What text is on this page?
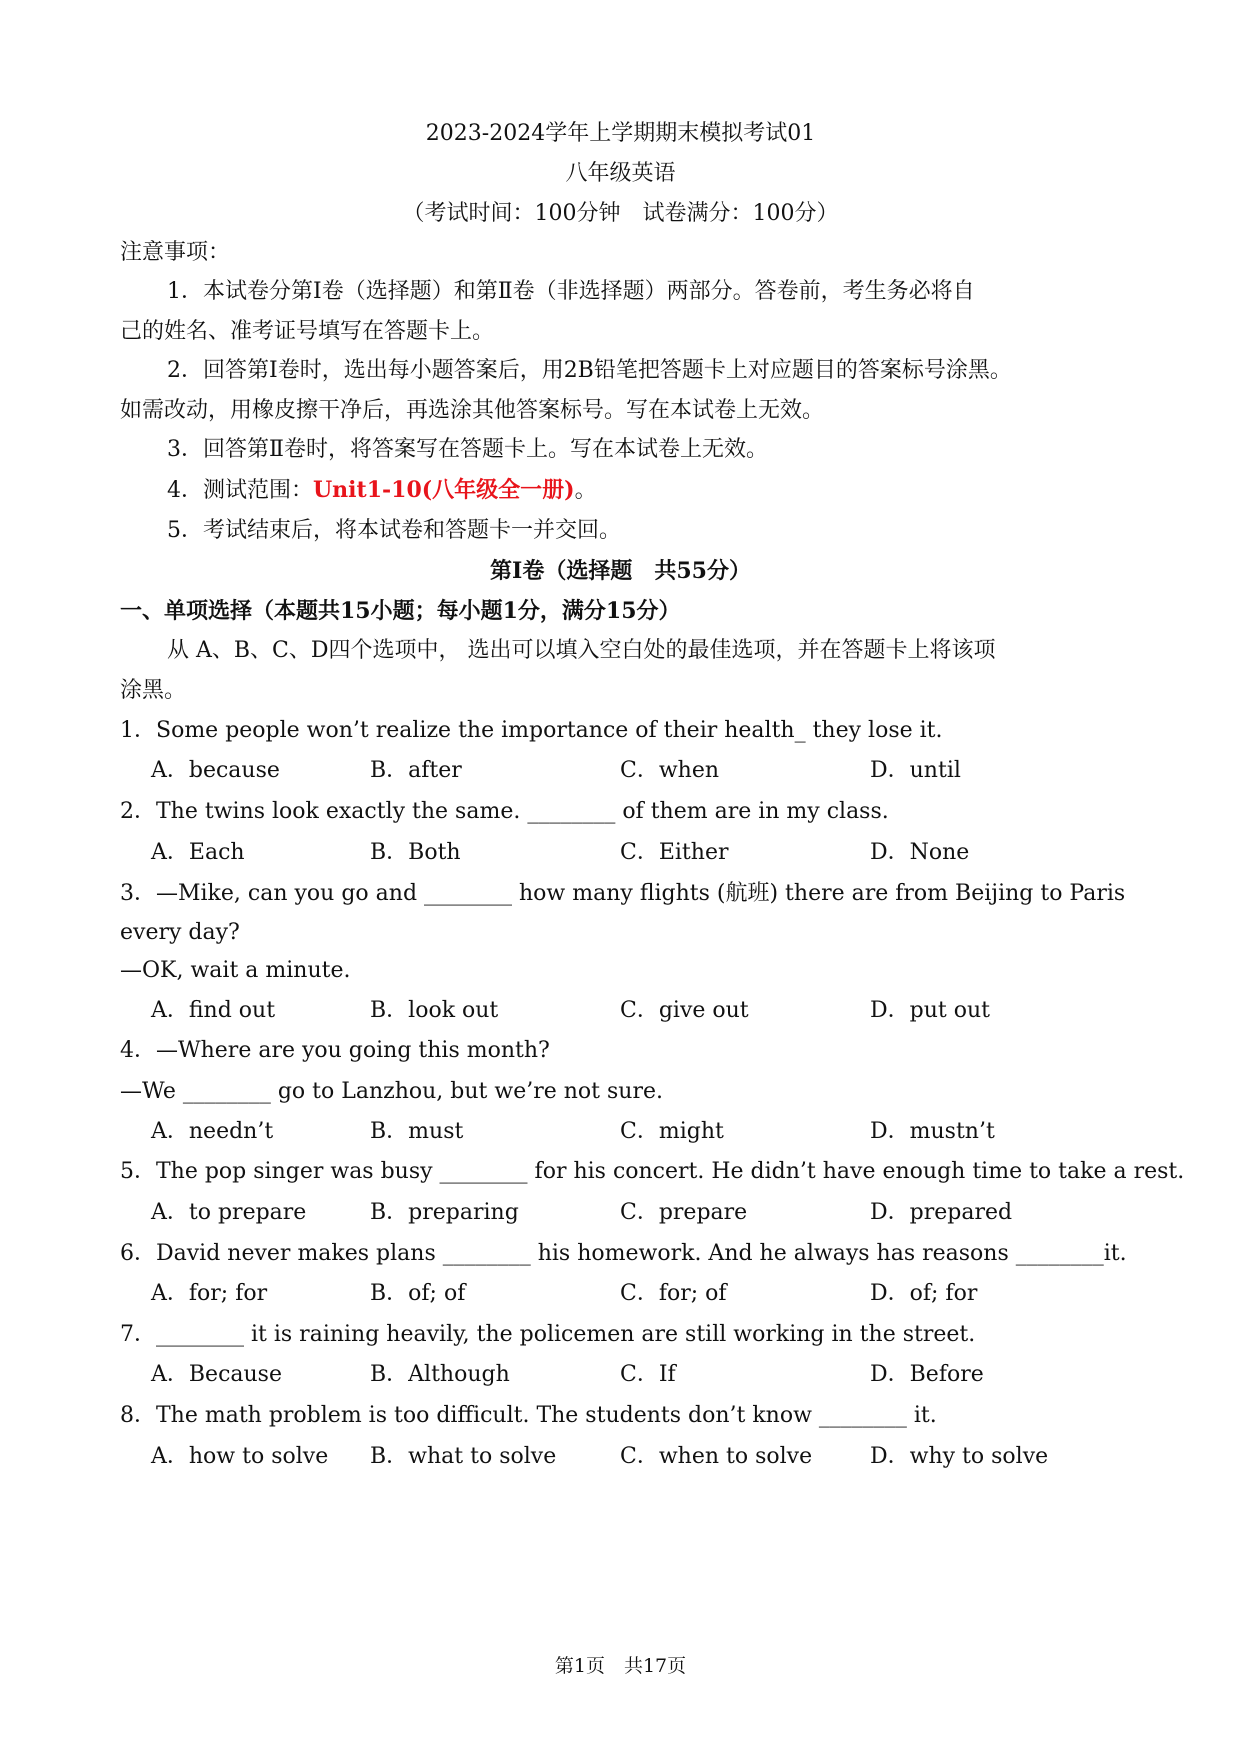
2023-2024学年上学期期末模拟考试01
八年级英语
（考试时间：100分钟　试卷满分：100分）
注意事项：
1．本试卷分第Ⅰ卷（选择题）和第Ⅱ卷（非选择题）两部分。答卷前，考生务必将自
己的姓名、准考证号填写在答题卡上。
2．回答第Ⅰ卷时，选出每小题答案后，用2B铅笔把答题卡上对应题目的答案标号涂黑。
如需改动，用橡皮擦干净后，再选涂其他答案标号。写在本试卷上无效。
3．回答第Ⅱ卷时，将答案写在答题卡上。写在本试卷上无效。
4．测试范围：Unit1-10(八年级全一册)。
5．考试结束后，将本试卷和答题卡一并交回。
第Ⅰ卷（选择题　共55分）
一、单项选择（本题共15小题；每小题1分，满分15分）
从 A、B、C、D四个选项中， 选出可以填入空白处的最佳选项，并在答题卡上将该项
涂黑。
1．Some people won’t realize the importance of their health_ they lose it.
A．because	B．after	C．when	D．until
2．The twins look exactly the same. ________ of them are in my class.
A．Each	B．Both	C．Either	D．None
3．—Mike, can you go and ________ how many flights (航班) there are from Beijing to Paris
every day?
—OK, wait a minute.
A．find out	B．look out	C．give out	D．put out
4．—Where are you going this month?
—We ________ go to Lanzhou, but we’re not sure.
A．needn’t	B．must	C．might	D．mustn’t
5．The pop singer was busy ________ for his concert. He didn’t have enough time to take a rest.
A．to prepare	B．preparing	C．prepare	D．prepared
6．David never makes plans ________ his homework. And he always has reasons ________it.
A．for; for	B．of; of	C．for; of	D．of; for
7．________ it is raining heavily, the policemen are still working in the street.
A．Because	B．Although	C．If	D．Before
8．The math problem is too difficult. The students don’t know ________ it.
A．how to solve B．what to solve	C．when to solve	D．why to solve
第1页　共17页
